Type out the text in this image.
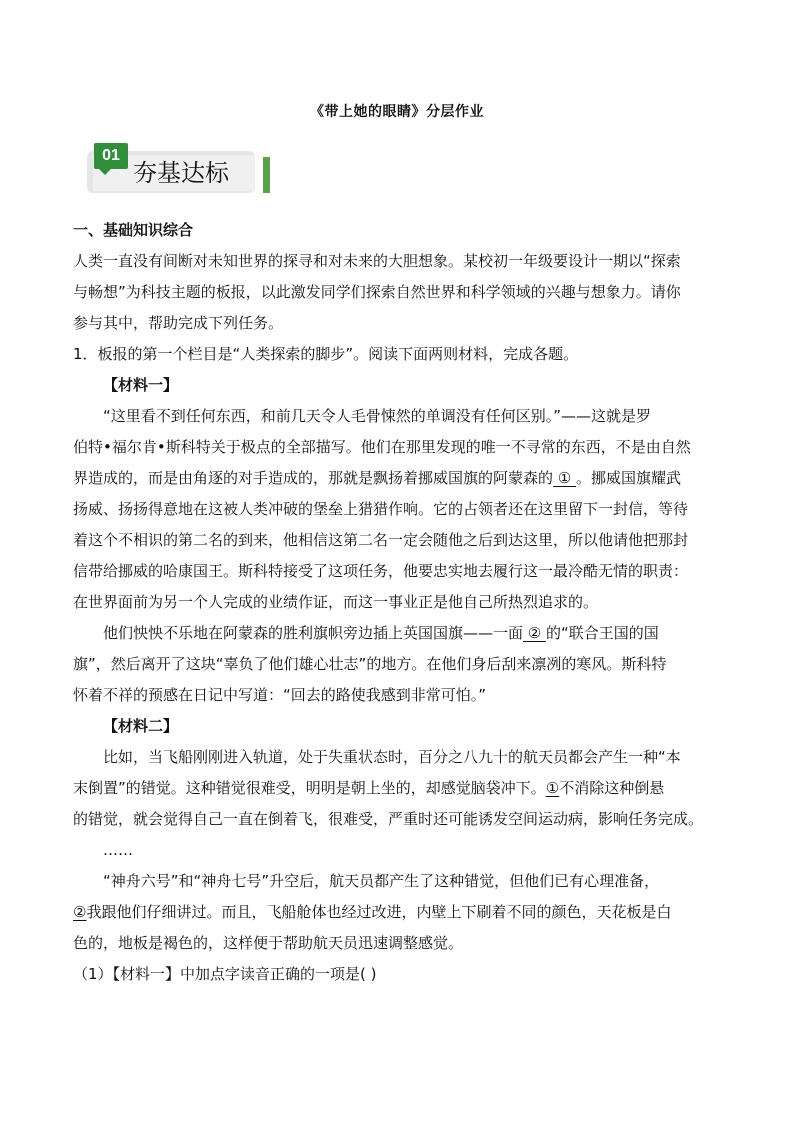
《带上她的眼睛》分层作业
01
夯基达标

一、基础知识综合

人类一直没有间断对未知世界的探寻和对未来的大胆想象。某校初一年级要设计一期以“探索

与畅想”为科技主题的板报，以此激发同学们探索自然世界和科学领域的兴趣与想象力。请你

参与其中，帮助完成下列任务。

1．板报的第一个栏目是“人类探索的脚步”。阅读下面两则材料，完成各题。

【材料一】

“这里看不到任何东西，和前几天令人毛骨悚然的单调没有任何区别。”——这就是罗

伯特•福尔肯•斯科特关于极点的全部描写。他们在那里发现的唯一不寻常的东西，不是由自然

界造成的，而是由角逐的对手造成的，那就是飘扬着挪威国旗的阿蒙森的 ① 。挪威国旗耀武

扬威、扬扬得意地在这被人类冲破的堡垒上猎猎作响。它的占领者还在这里留下一封信，等待

着这个不相识的第二名的到来，他相信这第二名一定会随他之后到达这里，所以他请他把那封

信带给挪威的哈康国王。斯科特接受了这项任务，他要忠实地去履行这一最冷酷无情的职责：

在世界面前为另一个人完成的业绩作证，而这一事业正是他自己所热烈追求的。

他们怏怏不乐地在阿蒙森的胜利旗帜旁边插上英国国旗——一面 ② 的“联合王国的国

旗”，然后离开了这块“辜负了他们雄心壮志”的地方。在他们身后刮来凛冽的寒风。斯科特

怀着不祥的预感在日记中写道：“回去的路使我感到非常可怕。”

【材料二】

比如，当飞船刚刚进入轨道，处于失重状态时，百分之八九十的航天员都会产生一种“本

末倒置”的错觉。这种错觉很难受，明明是朝上坐的，却感觉脑袋冲下。①不消除这种倒悬

的错觉，就会觉得自己一直在倒着飞，很难受，严重时还可能诱发空间运动病，影响任务完成。

……

“神舟六号”和“神舟七号”升空后，航天员都产生了这种错觉，但他们已有心理准备，

②我跟他们仔细讲过。而且，飞船舱体也经过改进，内壁上下刷着不同的颜色，天花板是白

色的，地板是褐色的，这样便于帮助航天员迅速调整感觉。

（1）【材料一】中加点字读音正确的一项是( )
